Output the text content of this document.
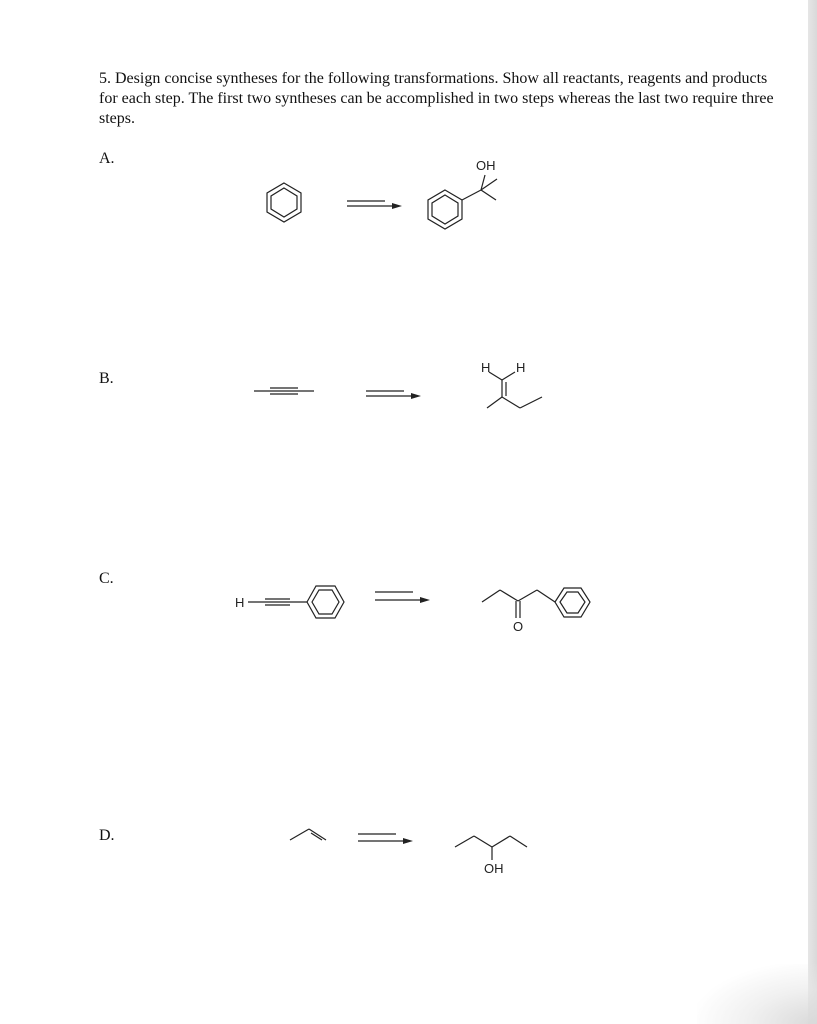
5. Design concise syntheses for the following transformations. Show all reactants, reagents and products for each step. The first two syntheses can be accomplished in two steps whereas the last two require three steps.

A.

B.

C.

D.

OH
H H
H
O
OH
